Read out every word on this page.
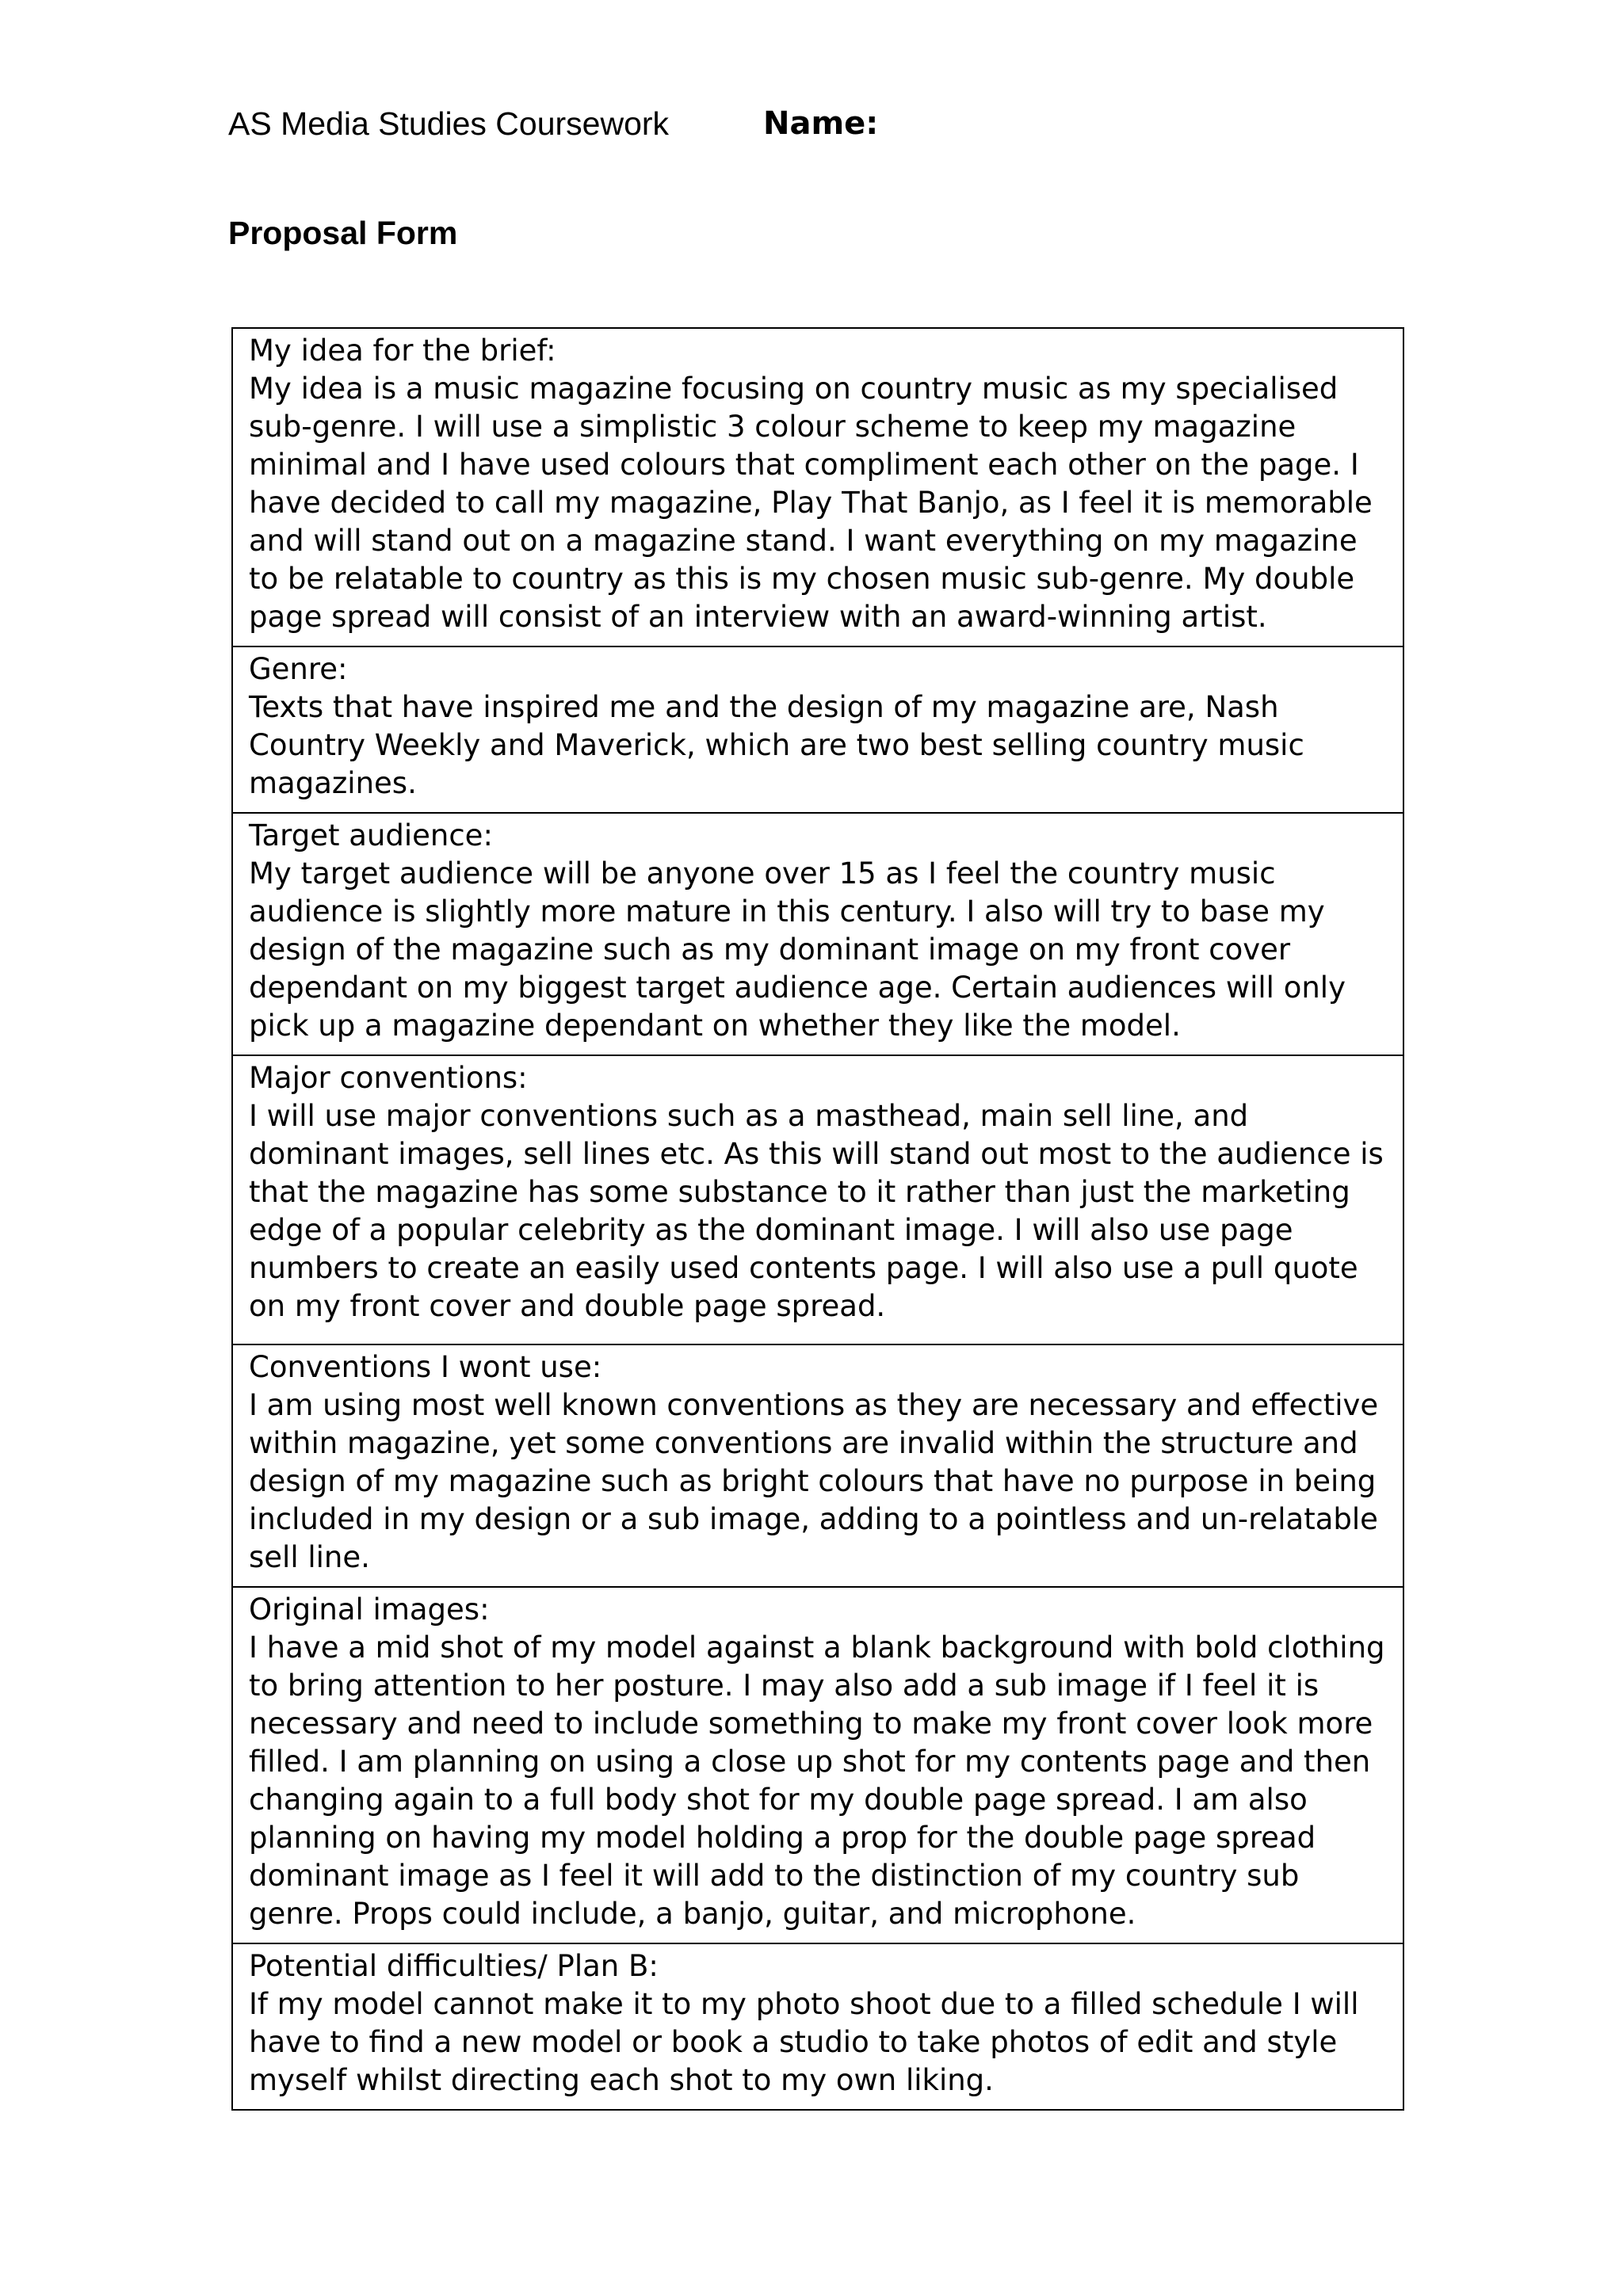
AS Media Studies Coursework	Name:
Proposal Form
My idea for the brief:
My idea is a music magazine focusing on country music as my specialised sub-genre. I will use a simplistic 3 colour scheme to keep my magazine minimal and I have used colours that compliment each other on the page. I have decided to call my magazine, Play That Banjo, as I feel it is memorable and will stand out on a magazine stand. I want everything on my magazine to be relatable to country as this is my chosen music sub-genre. My double page spread will consist of an interview with an award-winning artist.

Genre:
Texts that have inspired me and the design of my magazine are, Nash Country Weekly and Maverick, which are two best selling country music magazines.

Target audience:
My target audience will be anyone over 15 as I feel the country music audience is slightly more mature in this century. I also will try to base my design of the magazine such as my dominant image on my front cover dependant on my biggest target audience age. Certain audiences will only pick up a magazine dependant on whether they like the model.

Major conventions:
I will use major conventions such as a masthead, main sell line, and dominant images, sell lines etc. As this will stand out most to the audience is that the magazine has some substance to it rather than just the marketing edge of a popular celebrity as the dominant image. I will also use page numbers to create an easily used contents page. I will also use a pull quote on my front cover and double page spread.

Conventions I wont use:
I am using most well known conventions as they are necessary and effective within magazine, yet some conventions are invalid within the structure and design of my magazine such as bright colours that have no purpose in being included in my design or a sub image, adding to a pointless and un-relatable sell line.

Original images:
I have a mid shot of my model against a blank background with bold clothing to bring attention to her posture. I may also add a sub image if I feel it is necessary and need to include something to make my front cover look more filled. I am planning on using a close up shot for my contents page and then changing again to a full body shot for my double page spread. I am also planning on having my model holding a prop for the double page spread dominant image as I feel it will add to the distinction of my country sub genre. Props could include, a banjo, guitar, and microphone.

Potential difficulties/ Plan B:
If my model cannot make it to my photo shoot due to a filled schedule I will have to find a new model or book a studio to take photos of edit and style myself whilst directing each shot to my own liking.
